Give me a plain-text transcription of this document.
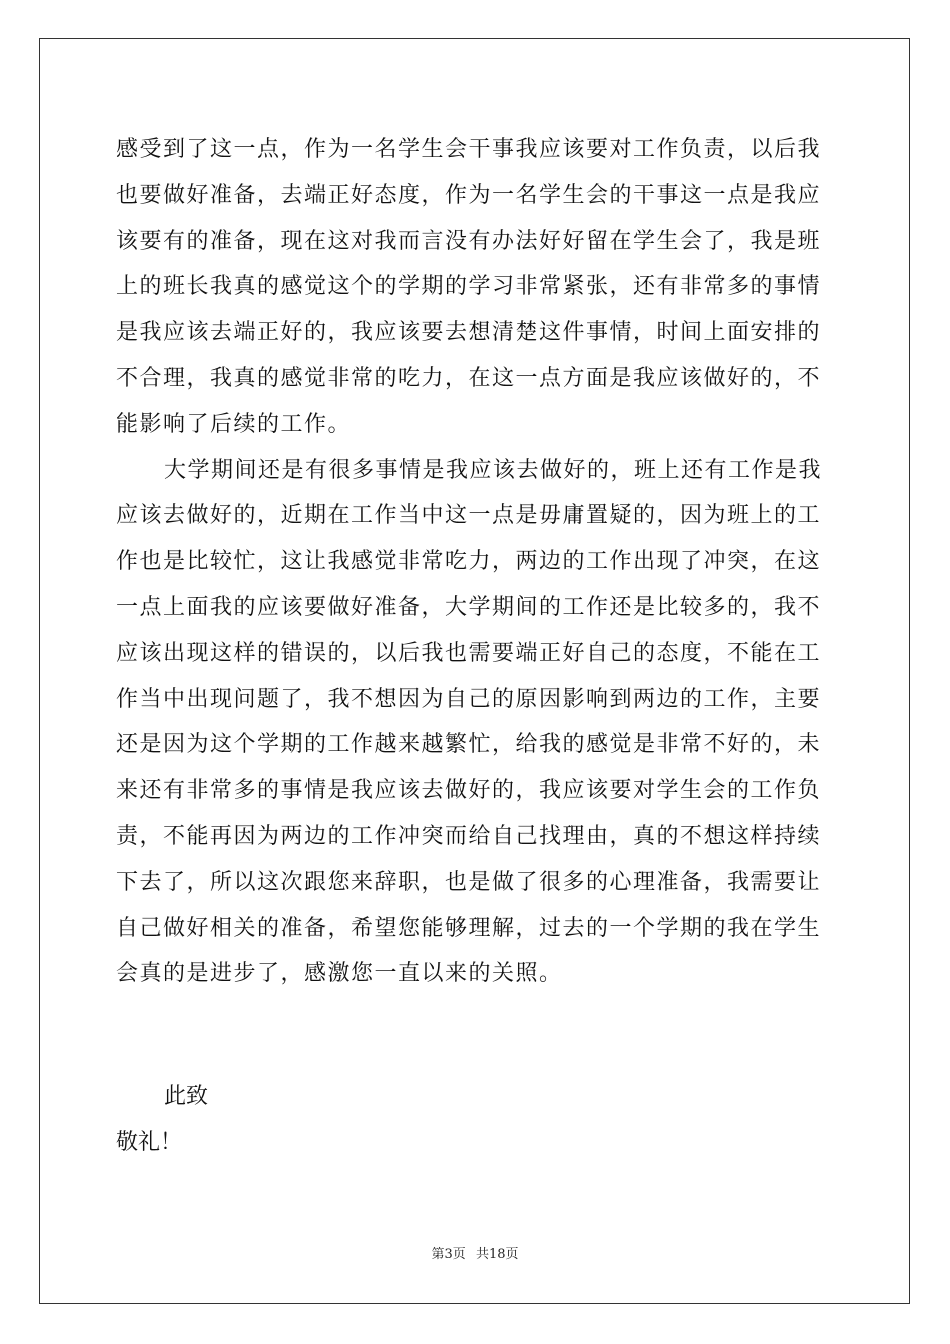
感受到了这一点，作为一名学生会干事我应该要对工作负责，以后我
也要做好准备，去端正好态度，作为一名学生会的干事这一点是我应
该要有的准备，现在这对我而言没有办法好好留在学生会了，我是班
上的班长我真的感觉这个的学期的学习非常紧张，还有非常多的事情
是我应该去端正好的，我应该要去想清楚这件事情，时间上面安排的
不合理，我真的感觉非常的吃力，在这一点方面是我应该做好的，不
能影响了后续的工作。
大学期间还是有很多事情是我应该去做好的，班上还有工作是我
应该去做好的，近期在工作当中这一点是毋庸置疑的，因为班上的工
作也是比较忙，这让我感觉非常吃力，两边的工作出现了冲突，在这
一点上面我的应该要做好准备，大学期间的工作还是比较多的，我不
应该出现这样的错误的，以后我也需要端正好自己的态度，不能在工
作当中出现问题了，我不想因为自己的原因影响到两边的工作，主要
还是因为这个学期的工作越来越繁忙，给我的感觉是非常不好的，未
来还有非常多的事情是我应该去做好的，我应该要对学生会的工作负
责，不能再因为两边的工作冲突而给自己找理由，真的不想这样持续
下去了，所以这次跟您来辞职，也是做了很多的心理准备，我需要让
自己做好相关的准备，希望您能够理解，过去的一个学期的我在学生
会真的是进步了，感激您一直以来的关照。
此致
敬礼！
第3页 共18页
